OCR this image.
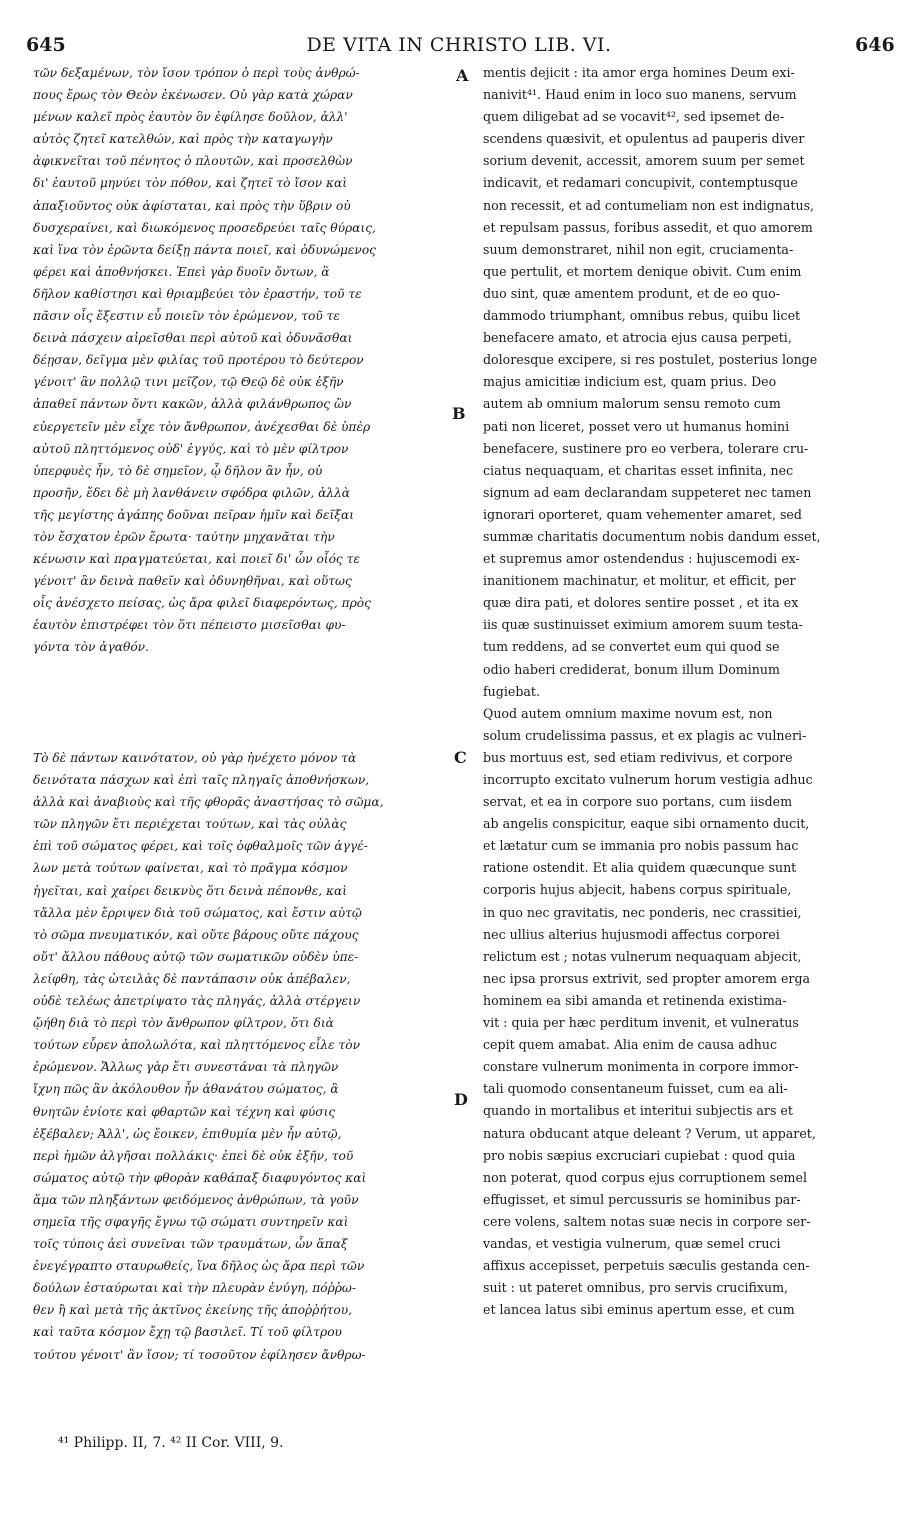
645	DE VITA IN CHRISTO LIB. VI.	646
τῶν δεξαμένων, τὸν ἴσον τρόπον ὁ περὶ τοὺς ἀνθρώ-
πους ἔρως τὸν Θεὸν ἐκένωσεν. Οὐ γὰρ κατὰ χώραν
μένων καλεῖ πρὸς ἑαυτὸν ὃν ἐφίλησε δοῦλον, ἀλλ'
αὐτὸς ζητεῖ κατελθών, καὶ πρὸς τὴν καταγωγὴν
ἀφικνεῖται τοῦ πένητος ὁ πλουτῶν, καὶ προσελθὼν
δι' ἑαυτοῦ μηνύει τὸν πόθον, καὶ ζητεῖ τὸ ἴσον καὶ
ἀπαξιοῦντος οὐκ ἀφίσταται, καὶ πρὸς τὴν ὕβριν οὐ
δυσχεραίνει, καὶ διωκόμενος προσεδρεύει ταῖς θύραις,
καὶ ἵνα τὸν ἐρῶντα δείξῃ πάντα ποιεῖ, καὶ ὀδυνώμενος
φέρει καὶ ἀποθνήσκει. Ἐπεὶ γὰρ δυοῖν ὄντων, ἃ
δῆλον καθίστησι καὶ θριαμβεύει τὸν ἐραστήν, τοῦ τε
πᾶσιν οἷς ἔξεστιν εὖ ποιεῖν τὸν ἐρώμενον, τοῦ τε
δεινὰ πάσχειν αἱρεῖσθαι περὶ αὐτοῦ καὶ ὀδυνᾶσθαι
δέῃσαν, δεῖγμα μὲν φιλίας τοῦ προτέρου τὸ δεύτερον
γένοιτ' ἂν πολλῷ τινι μεῖζον, τῷ Θεῷ δὲ οὐκ ἐξῆν
ἀπαθεῖ πάντων ὄντι κακῶν, ἀλλὰ φιλάνθρωπος ὢν
εὐεργετεῖν μὲν εἶχε τὸν ἄνθρωπον, ἀνέχεσθαι δὲ ὑπὲρ
αὐτοῦ πληττόμενος οὐδ' ἐγγύς, καὶ τὸ μὲν φίλτρον
ὑπερφυὲς ἦν, τὸ δὲ σημεῖον, ᾧ δῆλον ἂν ἦν, οὐ
προσῆν, ἔδει δὲ μὴ λανθάνειν σφόδρα φιλῶν, ἀλλὰ
τῆς μεγίστης ἀγάπης δοῦναι πεῖραν ἡμῖν καὶ δεῖξαι
τὸν ἔσχατον ἐρῶν ἔρωτα· ταύτην μηχανᾶται τὴν
κένωσιν καὶ πραγματεύεται, καὶ ποιεῖ δι' ὧν οἷός τε
γένοιτ' ἂν δεινὰ παθεῖν καὶ ὀδυνηθῆναι, καὶ οὕτως
οἷς ἀνέσχετο πείσας, ὡς ἄρα φιλεῖ διαφερόντως, πρὸς
ἑαυτὸν ἐπιστρέφει τὸν ὅτι πέπειστο μισεῖσθαι φυ-
γόντα τὸν ἀγαθόν.
Τὸ δὲ πάντων καινότατον, οὐ γὰρ ἠνέχετο μόνον τὰ
δεινότατα πάσχων καὶ ἐπὶ ταῖς πληγαῖς ἀποθνήσκων,
ἀλλὰ καὶ ἀναβιοὺς καὶ τῆς φθορᾶς ἀναστήσας τὸ σῶμα,
τῶν πληγῶν ἔτι περιέχεται τούτων, καὶ τὰς οὐλὰς
ἐπὶ τοῦ σώματος φέρει, καὶ τοῖς ὀφθαλμοῖς τῶν ἀγγέ-
λων μετὰ τούτων φαίνεται, καὶ τὸ πρᾶγμα κόσμον
ἡγεῖται, καὶ χαίρει δεικνὺς ὅτι δεινὰ πέπονθε, καὶ
τἄλλα μὲν ἔρριψεν διὰ τοῦ σώματος, καὶ ἔστιν αὐτῷ
τὸ σῶμα πνευματικόν, καὶ οὔτε βάρους οὔτε πάχους
οὔτ' ἄλλου πάθους αὐτῷ τῶν σωματικῶν οὐδὲν ὑπε-
λείφθη, τὰς ὠτειλὰς δὲ παντάπασιν οὐκ ἀπέβαλεν,
οὐδὲ τελέως ἀπετρίψατο τὰς πληγάς, ἀλλὰ στέργειν
ᾤήθη διὰ τὸ περὶ τὸν ἄνθρωπον φίλτρον, ὅτι διὰ
τούτων εὗρεν ἀπολωλότα, καὶ πληττόμενος εἷλε τὸν
ἐρώμενον. Ἄλλως γὰρ ἔτι συνεστάναι τὰ πληγῶν
ἴχνη πῶς ἂν ἀκόλουθον ἦν ἀθανάτου σώματος, ἃ
θνητῶν ἐνίοτε καὶ φθαρτῶν καὶ τέχνη καὶ φύσις
ἐξέβαλεν; Ἀλλ', ὡς ἔοικεν, ἐπιθυμία μὲν ἦν αὐτῷ,
περὶ ἡμῶν ἀλγῆσαι πολλάκις· ἐπεὶ δὲ οὐκ ἐξῆν, τοῦ
σώματος αὐτῷ τὴν φθορὰν καθάπαξ διαφυγόντος καὶ
ἅμα τῶν πληξάντων φειδόμενος ἀνθρώπων, τὰ γοῦν
σημεῖα τῆς σφαγῆς ἔγνω τῷ σώματι συντηρεῖν καὶ
τοῖς τύποις ἀεὶ συνεῖναι τῶν τραυμάτων, ὧν ἅπαξ
ἐνεγέγραπτο σταυρωθείς, ἵνα δῆλος ὡς ἄρα περὶ τῶν
δούλων ἐσταύρωται καὶ τὴν πλευρὰν ἐνύγη, πόῤῥω-
θεν ἢ καὶ μετὰ τῆς ἀκτῖνος ἐκείνης τῆς ἀποῤῥήτου,
καὶ ταῦτα κόσμον ἔχῃ τῷ βασιλεῖ. Τί τοῦ φίλτρου
τούτου γένοιτ' ἂν ἴσον; τί τοσοῦτον ἐφίλησεν ἄνθρω-
mentis dejicit : ita amor erga homines Deum exi-
nanivit⁴¹. Haud enim in loco suo manens, servum
quem diligebat ad se vocavit⁴², sed ipsemet de-
scendens quæsivit, et opulentus ad pauperis diver
sorium devenit, accessit, amorem suum per semet
indicavit, et redamari concupivit, contemptusque
non recessit, et ad contumeliam non est indignatus,
et repulsam passus, foribus assedit, et quo amorem
suum demonstraret, nihil non egit, cruciamenta-
que pertulit, et mortem denique obivit. Cum enim
duo sint, quæ amentem produnt, et de eo quo-
dammodo triumphant, omnibus rebus, quibu licet
benefacere amato, et atrocia ejus causa perpeti,
doloresque excipere, si res postulet, posterius longe
majus amicitiæ indicium est, quam prius. Deo
autem ab omnium malorum sensu remoto cum
pati non liceret, posset vero ut humanus homini
benefacere, sustinere pro eo verbera, tolerare cru-
ciatus nequaquam, et charitas esset infinita, nec
signum ad eam declarandam suppeteret nec tamen
ignorari oporteret, quam vehementer amaret, sed
summæ charitatis documentum nobis dandum esset,
et supremus amor ostendendus : hujuscemodi ex-
inanitionem machinatur, et molitur, et efficit, per
quæ dira pati, et dolores sentire posset , et ita ex
iis quæ sustinuisset eximium amorem suum testa-
tum reddens, ad se convertet eum qui quod se
odio haberi crediderat, bonum illum Dominum
fugiebat.
Quod autem omnium maxime novum est, non
solum crudelissima passus, et ex plagis ac vulneri-
bus mortuus est, sed etiam redivivus, et corpore
incorrupto excitato vulnerum horum vestigia adhuc
servat, et ea in corpore suo portans, cum iisdem
ab angelis conspicitur, eaque sibi ornamento ducit,
et lætatur cum se immania pro nobis passum hac
ratione ostendit. Et alia quidem quæcunque sunt
corporis hujus abjecit, habens corpus spirituale,
in quo nec gravitatis, nec ponderis, nec crassitiei,
nec ullius alterius hujusmodi affectus corporei
relictum est ; notas vulnerum nequaquam abjecit,
nec ipsa prorsus extrivit, sed propter amorem erga
hominem ea sibi amanda et retinenda existima-
vit : quia per hæc perditum invenit, et vulneratus
cepit quem amabat. Alia enim de causa adhuc
constare vulnerum monimenta in corpore immor-
tali quomodo consentaneum fuisset, cum ea ali-
quando in mortalibus et interitui subjectis ars et
natura obducant atque deleant ? Verum, ut apparet,
pro nobis sæpius excruciari cupiebat : quod quia
non poterat, quod corpus ejus corruptionem semel
effugisset, et simul percussuris se hominibus par-
cere volens, saltem notas suæ necis in corpore ser-
vandas, et vestigia vulnerum, quæ semel cruci
affixus accepisset, perpetuis sæculis gestanda cen-
suit : ut pateret omnibus, pro servis crucifixum,
et lancea latus sibi eminus apertum esse, et cum
A
B
C
D
⁴¹ Philipp. II, 7. ⁴² II Cor. VIII, 9.
